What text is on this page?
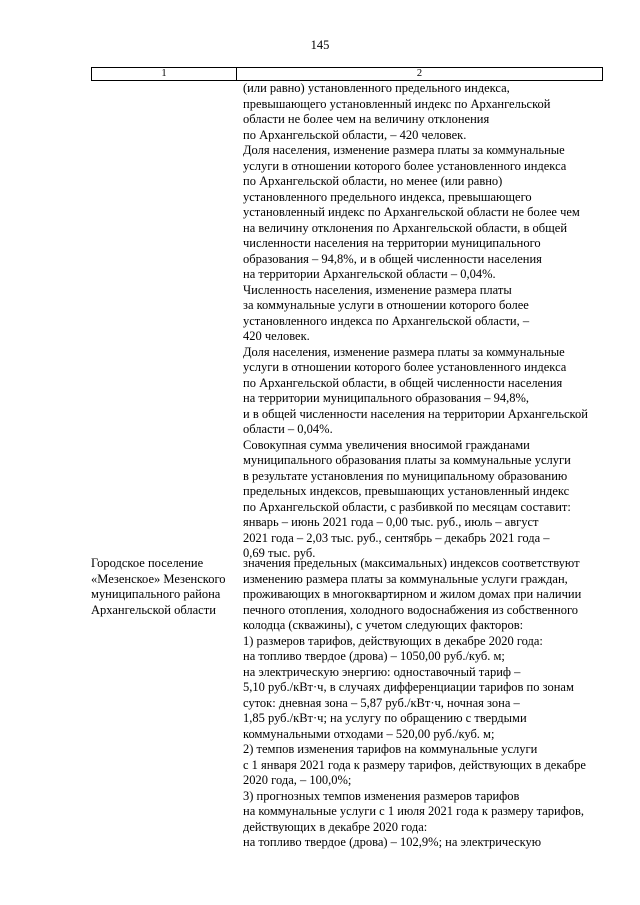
145
1	2
(или равно) установленного предельного индекса,
превышающего установленный индекс по Архангельской
области не более чем на величину отклонения
по Архангельской области, – 420 человек.
Доля населения, изменение размера платы за коммунальные
услуги в отношении которого более установленного индекса
по Архангельской области, но менее (или равно)
установленного предельного индекса, превышающего
установленный индекс по Архангельской области не более чем
на величину отклонения по Архангельской области, в общей
численности населения на территории муниципального
образования – 94,8%, и в общей численности населения
на территории Архангельской области – 0,04%.
Численность населения, изменение размера платы
за коммунальные услуги в отношении которого более
установленного индекса по Архангельской области, –
420 человек.
Доля населения, изменение размера платы за коммунальные
услуги в отношении которого более установленного индекса
по Архангельской области, в общей численности населения
на территории муниципального образования – 94,8%,
и в общей численности населения на территории Архангельской
области – 0,04%.
Совокупная сумма увеличения вносимой гражданами
муниципального образования платы за коммунальные услуги
в результате установления по муниципальному образованию
предельных индексов, превышающих установленный индекс
по Архангельской области, с разбивкой по месяцам составит:
январь – июнь 2021 года – 0,00 тыс. руб., июль – август
2021 года – 2,03 тыс. руб., сентябрь – декабрь 2021 года –
0,69 тыс. руб.
Городское поселение
«Мезенское» Мезенского
муниципального района
Архангельской области
значения предельных (максимальных) индексов соответствуют
изменению размера платы за коммунальные услуги граждан,
проживающих в многоквартирном и жилом домах при наличии
печного отопления, холодного водоснабжения из собственного
колодца (скважины), с учетом следующих факторов:
1) размеров тарифов, действующих в декабре 2020 года:
на топливо твердое (дрова) – 1050,00 руб./куб. м;
на электрическую энергию: одноставочный тариф –
5,10 руб./кВт·ч, в случаях дифференциации тарифов по зонам
суток: дневная зона – 5,87 руб./кВт·ч, ночная зона –
1,85 руб./кВт·ч; на услугу по обращению с твердыми
коммунальными отходами – 520,00 руб./куб. м;
2) темпов изменения тарифов на коммунальные услуги
с 1 января 2021 года к размеру тарифов, действующих в декабре
2020 года, – 100,0%;
3) прогнозных темпов изменения размеров тарифов
на коммунальные услуги с 1 июля 2021 года к размеру тарифов,
действующих в декабре 2020 года:
на топливо твердое (дрова) – 102,9%; на электрическую
